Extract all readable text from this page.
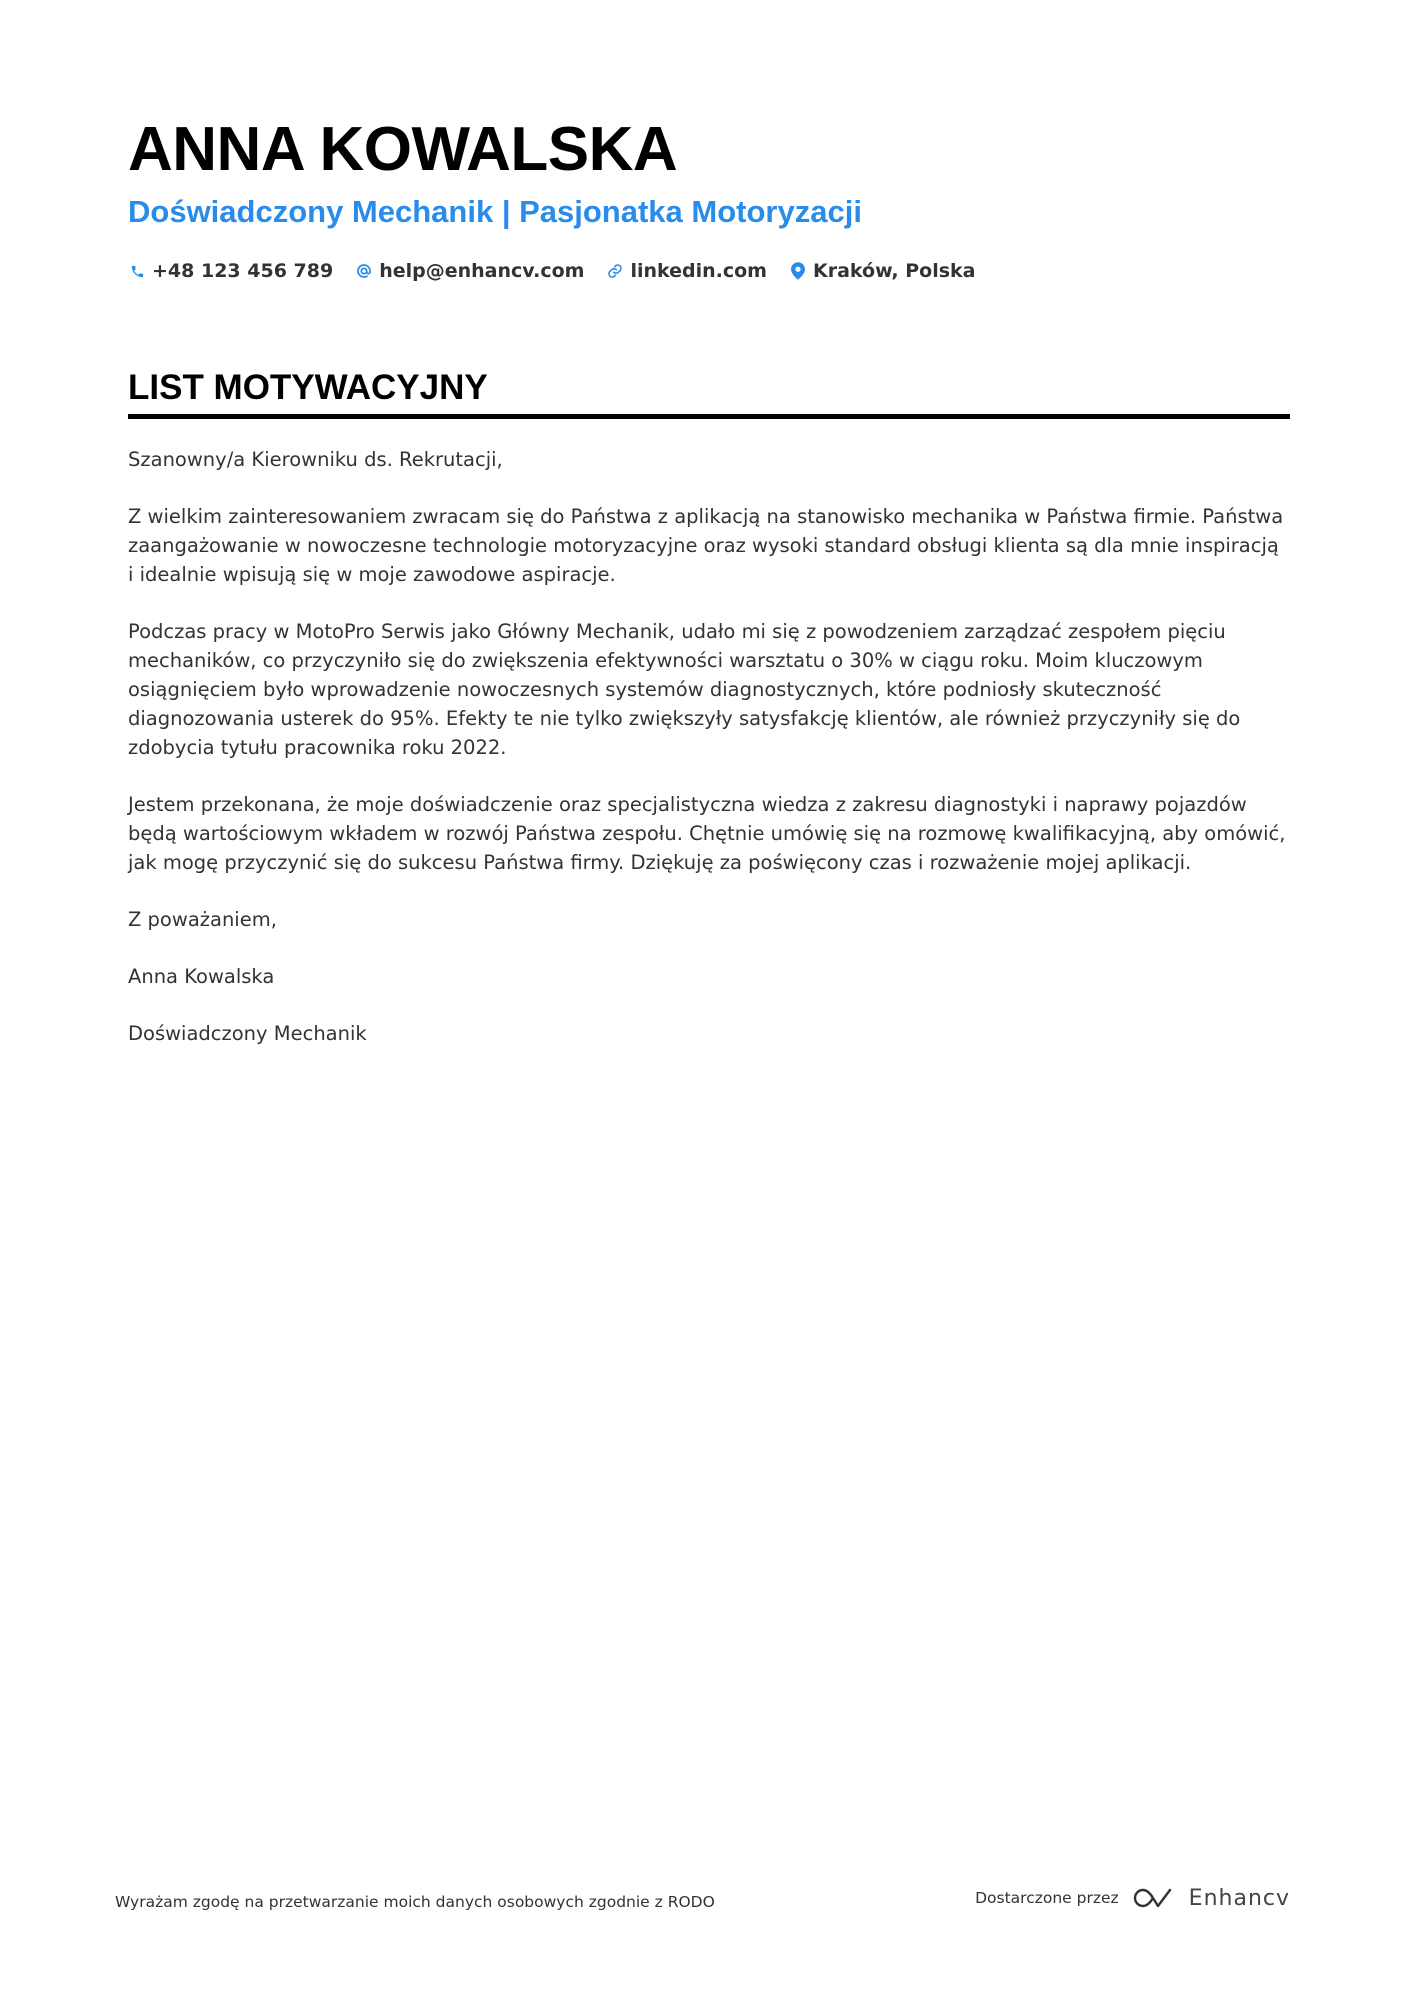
ANNA KOWALSKA
Doświadczony Mechanik | Pasjonatka Motoryzacji
+48 123 456 789 help@enhancv.com linkedin.com Kraków, Polska
LIST MOTYWACYJNY

Szanowny/a Kierowniku ds. Rekrutacji,

Z wielkim zainteresowaniem zwracam się do Państwa z aplikacją na stanowisko mechanika w Państwa firmie. Państwa zaangażowanie w nowoczesne technologie motoryzacyjne oraz wysoki standard obsługi klienta są dla mnie inspiracją i idealnie wpisują się w moje zawodowe aspiracje.

Podczas pracy w MotoPro Serwis jako Główny Mechanik, udało mi się z powodzeniem zarządzać zespołem pięciu mechaników, co przyczyniło się do zwiększenia efektywności warsztatu o 30% w ciągu roku. Moim kluczowym osiągnięciem było wprowadzenie nowoczesnych systemów diagnostycznych, które podniosły skuteczność diagnozowania usterek do 95%. Efekty te nie tylko zwiększyły satysfakcję klientów, ale również przyczyniły się do zdobycia tytułu pracownika roku 2022.

Jestem przekonana, że moje doświadczenie oraz specjalistyczna wiedza z zakresu diagnostyki i naprawy pojazdów będą wartościowym wkładem w rozwój Państwa zespołu. Chętnie umówię się na rozmowę kwalifikacyjną, aby omówić, jak mogę przyczynić się do sukcesu Państwa firmy. Dziękuję za poświęcony czas i rozważenie mojej aplikacji.

Z poważaniem,

Anna Kowalska

Doświadczony Mechanik

Wyrażam zgodę na przetwarzanie moich danych osobowych zgodnie z RODO	Dostarczone przez	Enhancv
